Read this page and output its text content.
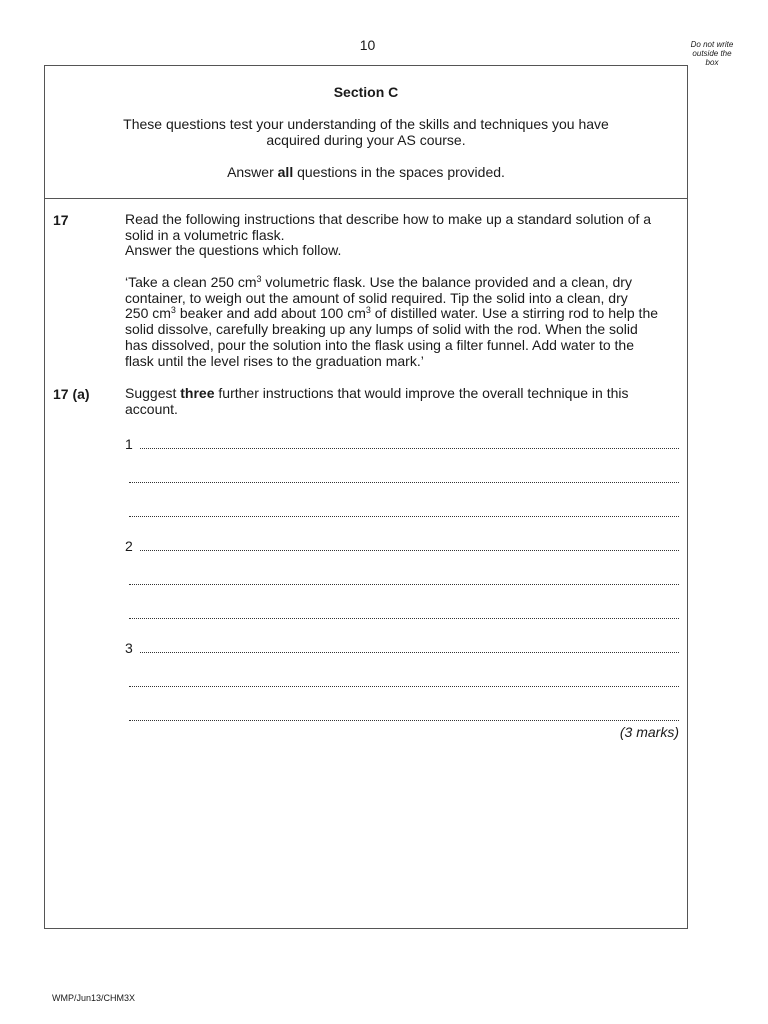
10	Do not write
outside the
box
Section C
These questions test your understanding of the skills and techniques you have
acquired during your AS course.
Answer all questions in the spaces provided.
17	Read the following instructions that describe how to make up a standard solution of a

solid in a volumetric flask.

Answer the questions which follow.

‘Take a clean 250 $cm^3$ volumetric flask. Use the balance provided and a clean, dry

container, to weigh out the amount of solid required. Tip the solid into a clean, dry

250 $cm^3$ beaker and add about 100 $cm^3$ of distilled water. Use a stirring rod to help the

solid dissolve, carefully breaking up any lumps of solid with the rod. When the solid

has dissolved, pour the solution into the flask using a filter funnel. Add water to the

flask until the level rises to the graduation mark.’

17 (a)	Suggest three further instructions that would improve the overall technique in this

account.

1
2
3
(3 marks)
WMP/Jun13/CHM3X
